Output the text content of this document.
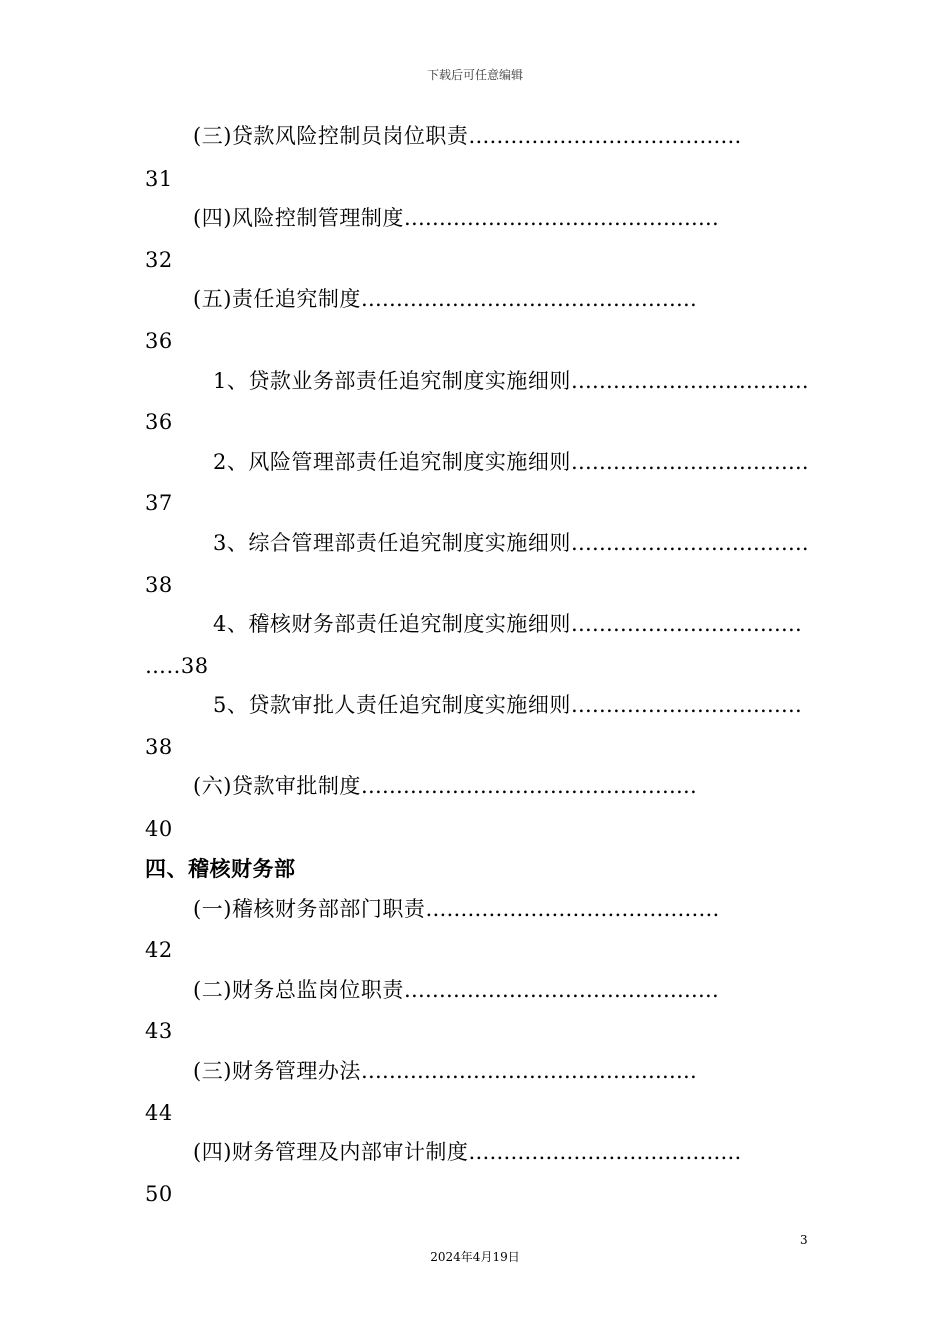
下载后可任意编辑
(三)贷款风险控制员岗位职责…………………………………
31
(四)风险控制管理制度………………………………………
32
(五)责任追究制度…………………………………………
36
1、贷款业务部责任追究制度实施细则…………………………….
36
2、风险管理部责任追究制度实施细则…………………………….
37
3、综合管理部责任追究制度实施细则…………………………….
38
4、稽核财务部责任追究制度实施细则……………………………
…..38
5、贷款审批人责任追究制度实施细则……………………………
38
(六)贷款审批制度…………………………………………
40
四、稽核财务部
(一)稽核财务部部门职责……………………………………
42
(二)财务总监岗位职责………………………………………
43
(三)财务管理办法…………………………………………
44
(四)财务管理及内部审计制度…………………………………
50
3
2024年4月19日
